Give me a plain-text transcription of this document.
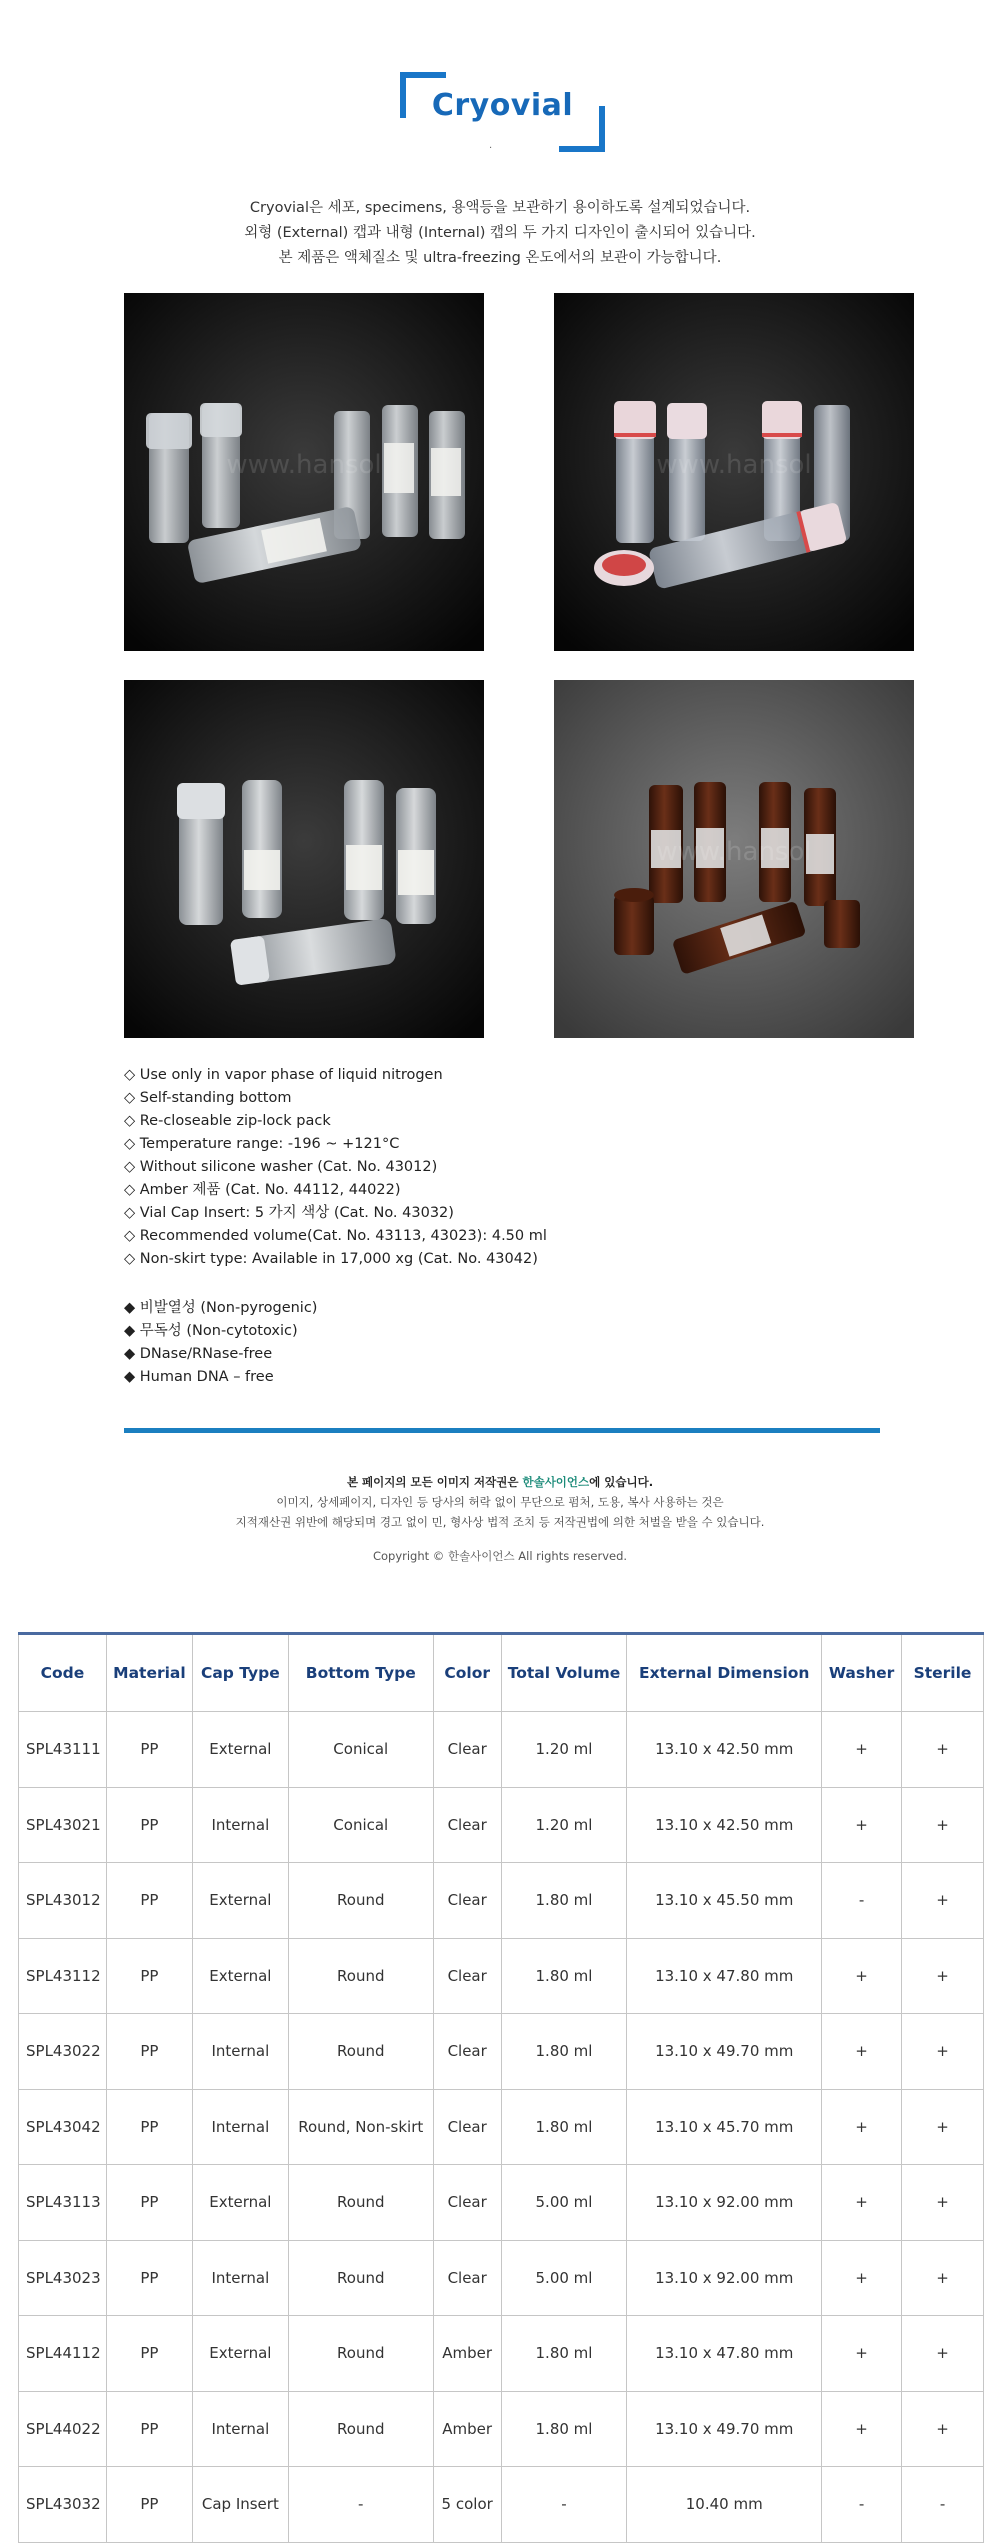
Cryovial
.
Cryovial은 세포, specimens, 용액등을 보관하기 용이하도록 설계되었습니다.
외형 (External) 캡과 내형 (Internal) 캡의 두 가지 디자인이 출시되어 있습니다.
본 제품은 액체질소 및 ultra-freezing 온도에서의 보관이 가능합니다.
www.hansol	www.hansol
www.hansol
◇ Use only in vapor phase of liquid nitrogen
◇ Self-standing bottom
◇ Re-closeable zip-lock pack
◇ Temperature range: -196 ~ +121°C
◇ Without silicone washer (Cat. No. 43012)
◇ Amber 제품 (Cat. No. 44112, 44022)
◇ Vial Cap Insert: 5 가지 색상 (Cat. No. 43032)
◇ Recommended volume(Cat. No. 43113, 43023): 4.50 ml
◇ Non-skirt type: Available in 17,000 xg (Cat. No. 43042)
◆ 비발열성 (Non-pyrogenic)
◆ 무독성 (Non-cytotoxic)
◆ DNase/RNase-free
◆ Human DNA – free
본 페이지의 모든 이미지 저작권은 한솔사이언스에 있습니다.
이미지, 상세페이지, 디자인 등 당사의 허락 없이 무단으로 펌처, 도용, 복사 사용하는 것은
지적재산권 위반에 해당되며 경고 없이 민, 형사상 법적 조치 등 저작권법에 의한 처벌을 받을 수 있습니다.
Copyright © 한솔사이언스 All rights reserved.
Code	Material	Cap Type	Bottom Type	Color	Total Volume	External Dimension	Washer	Sterile
SPL43111	PP	External	Conical	Clear	1.20 ml	13.10 x 42.50 mm	+	+
SPL43021	PP	Internal	Conical	Clear	1.20 ml	13.10 x 42.50 mm	+	+
SPL43012	PP	External	Round	Clear	1.80 ml	13.10 x 45.50 mm	-	+
SPL43112	PP	External	Round	Clear	1.80 ml	13.10 x 47.80 mm	+	+
SPL43022	PP	Internal	Round	Clear	1.80 ml	13.10 x 49.70 mm	+	+
SPL43042	PP	Internal	Round, Non-skirt	Clear	1.80 ml	13.10 x 45.70 mm	+	+
SPL43113	PP	External	Round	Clear	5.00 ml	13.10 x 92.00 mm	+	+
SPL43023	PP	Internal	Round	Clear	5.00 ml	13.10 x 92.00 mm	+	+
SPL44112	PP	External	Round	Amber	1.80 ml	13.10 x 47.80 mm	+	+
SPL44022	PP	Internal	Round	Amber	1.80 ml	13.10 x 49.70 mm	+	+
SPL43032	PP	Cap Insert	-	5 color	-	10.40 mm	-	-
